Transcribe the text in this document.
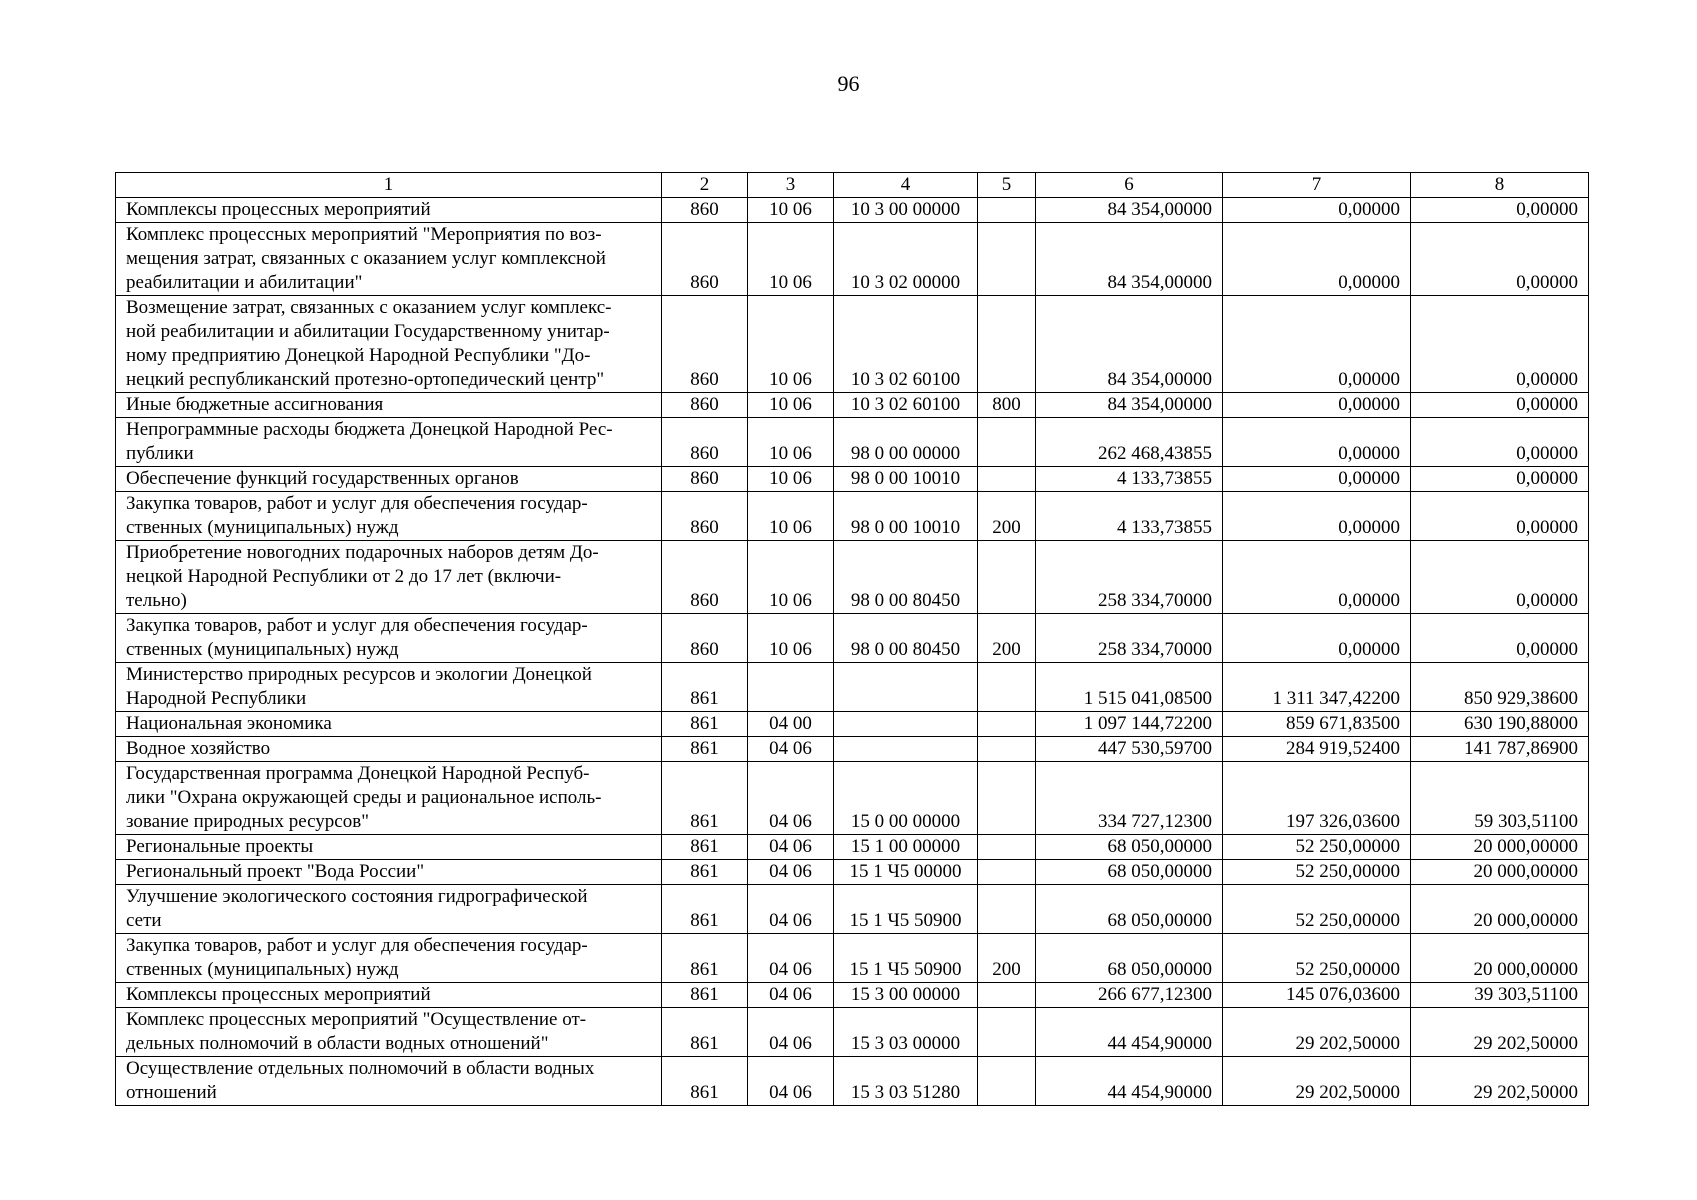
96
1	2	3	4	5	6	7	8
Комплексы процессных мероприятий	860	10 06	10 3 00 00000		84 354,00000	0,00000	0,00000
Комплекс процессных мероприятий "Мероприятия по воз-
мещения затрат, связанных с оказанием услуг комплексной
реабилитации и абилитации"	860	10 06	10 3 02 00000		84 354,00000	0,00000	0,00000
Возмещение затрат, связанных с оказанием услуг комплекс-
ной реабилитации и абилитации Государственному унитар-
ному предприятию Донецкой Народной Республики "До-
нецкий республиканский протезно-ортопедический центр"	860	10 06	10 3 02 60100		84 354,00000	0,00000	0,00000
Иные бюджетные ассигнования	860	10 06	10 3 02 60100	800	84 354,00000	0,00000	0,00000
Непрограммные расходы бюджета Донецкой Народной Рес-
публики	860	10 06	98 0 00 00000		262 468,43855	0,00000	0,00000
Обеспечение функций государственных органов	860	10 06	98 0 00 10010		4 133,73855	0,00000	0,00000
Закупка товаров, работ и услуг для обеспечения государ-
ственных (муниципальных) нужд	860	10 06	98 0 00 10010	200	4 133,73855	0,00000	0,00000
Приобретение новогодних подарочных наборов детям До-
нецкой Народной Республики от 2 до 17 лет (включи-
тельно)	860	10 06	98 0 00 80450		258 334,70000	0,00000	0,00000
Закупка товаров, работ и услуг для обеспечения государ-
ственных (муниципальных) нужд	860	10 06	98 0 00 80450	200	258 334,70000	0,00000	0,00000
Министерство природных ресурсов и экологии Донецкой
Народной Республики	861				1 515 041,08500	1 311 347,42200	850 929,38600
Национальная экономика	861	04 00			1 097 144,72200	859 671,83500	630 190,88000
Водное хозяйство	861	04 06			447 530,59700	284 919,52400	141 787,86900
Государственная программа Донецкой Народной Респуб-
лики "Охрана окружающей среды и рациональное исполь-
зование природных ресурсов"	861	04 06	15 0 00 00000		334 727,12300	197 326,03600	59 303,51100
Региональные проекты	861	04 06	15 1 00 00000		68 050,00000	52 250,00000	20 000,00000
Региональный проект "Вода России"	861	04 06	15 1 Ч5 00000		68 050,00000	52 250,00000	20 000,00000
Улучшение экологического состояния гидрографической
сети	861	04 06	15 1 Ч5 50900		68 050,00000	52 250,00000	20 000,00000
Закупка товаров, работ и услуг для обеспечения государ-
ственных (муниципальных) нужд	861	04 06	15 1 Ч5 50900	200	68 050,00000	52 250,00000	20 000,00000
Комплексы процессных мероприятий	861	04 06	15 3 00 00000		266 677,12300	145 076,03600	39 303,51100
Комплекс процессных мероприятий "Осуществление от-
дельных полномочий в области водных отношений"	861	04 06	15 3 03 00000		44 454,90000	29 202,50000	29 202,50000
Осуществление отдельных полномочий в области водных
отношений	861	04 06	15 3 03 51280		44 454,90000	29 202,50000	29 202,50000
